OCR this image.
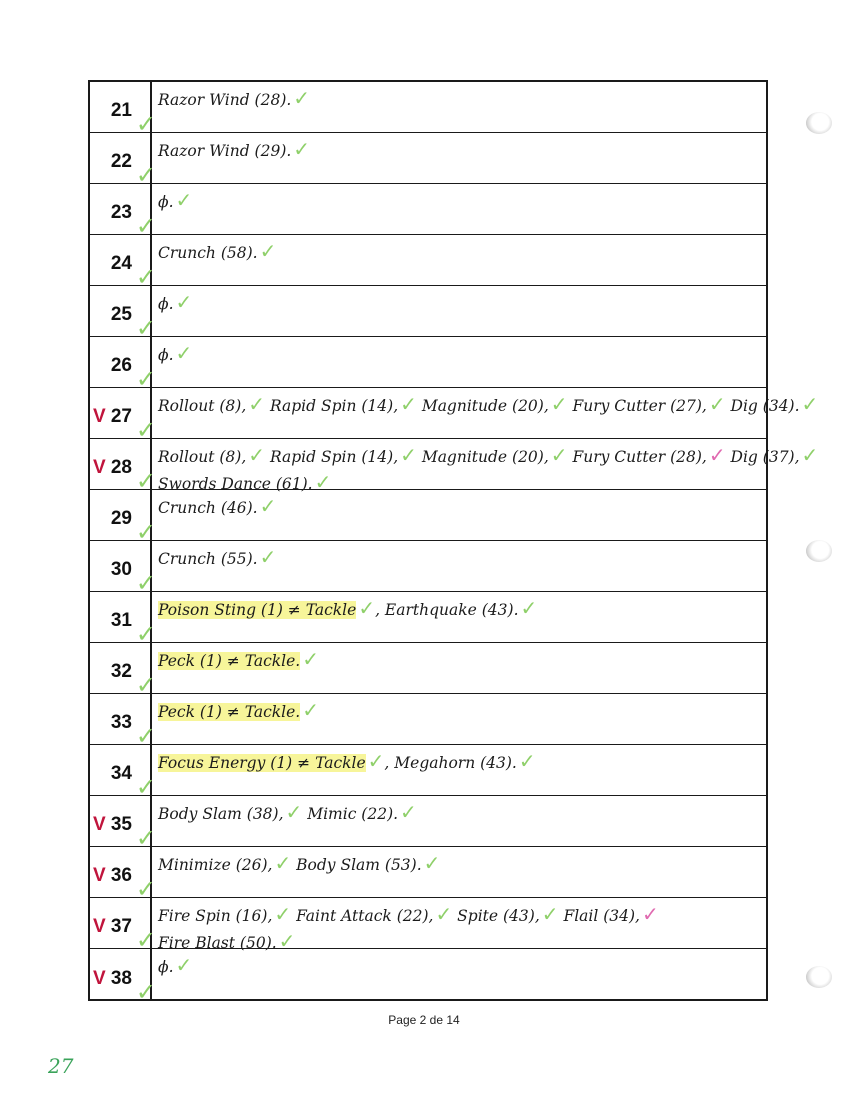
21 ✓
Razor Wind (28). ✓
22 ✓
Razor Wind (29). ✓
23 ✓
ϕ. ✓
24 ✓
Crunch (58). ✓
25 ✓
ϕ. ✓
26 ✓
ϕ. ✓
V 27 ✓
Rollout (8), ✓ Rapid Spin (14), ✓ Magnitude (20), ✓ Fury Cutter (27), ✓ Dig (34). ✓
V 28 ✓
Rollout (8), ✓ Rapid Spin (14), ✓ Magnitude (20), ✓ Fury Cutter (28), ✓ Dig (37), ✓
Swords Dance (61). ✓
29 ✓
Crunch (46). ✓
30 ✓
Crunch (55). ✓
31 ✓
Poison Sting (1) ≠ Tackle ✓, Earthquake (43). ✓
32 ✓
Peck (1) ≠ Tackle. ✓
33 ✓
Peck (1) ≠ Tackle. ✓
34 ✓
Focus Energy (1) ≠ Tackle ✓, Megahorn (43). ✓
V 35 ✓
Body Slam (38), ✓ Mimic (22). ✓
V 36 ✓
Minimize (26), ✓ Body Slam (53). ✓
V 37 ✓
Fire Spin (16), ✓ Faint Attack (22), ✓ Spite (43), ✓ Flail (34), ✓
Fire Blast (50). ✓
V 38 ✓
ϕ. ✓
Page 2 de 14
27
